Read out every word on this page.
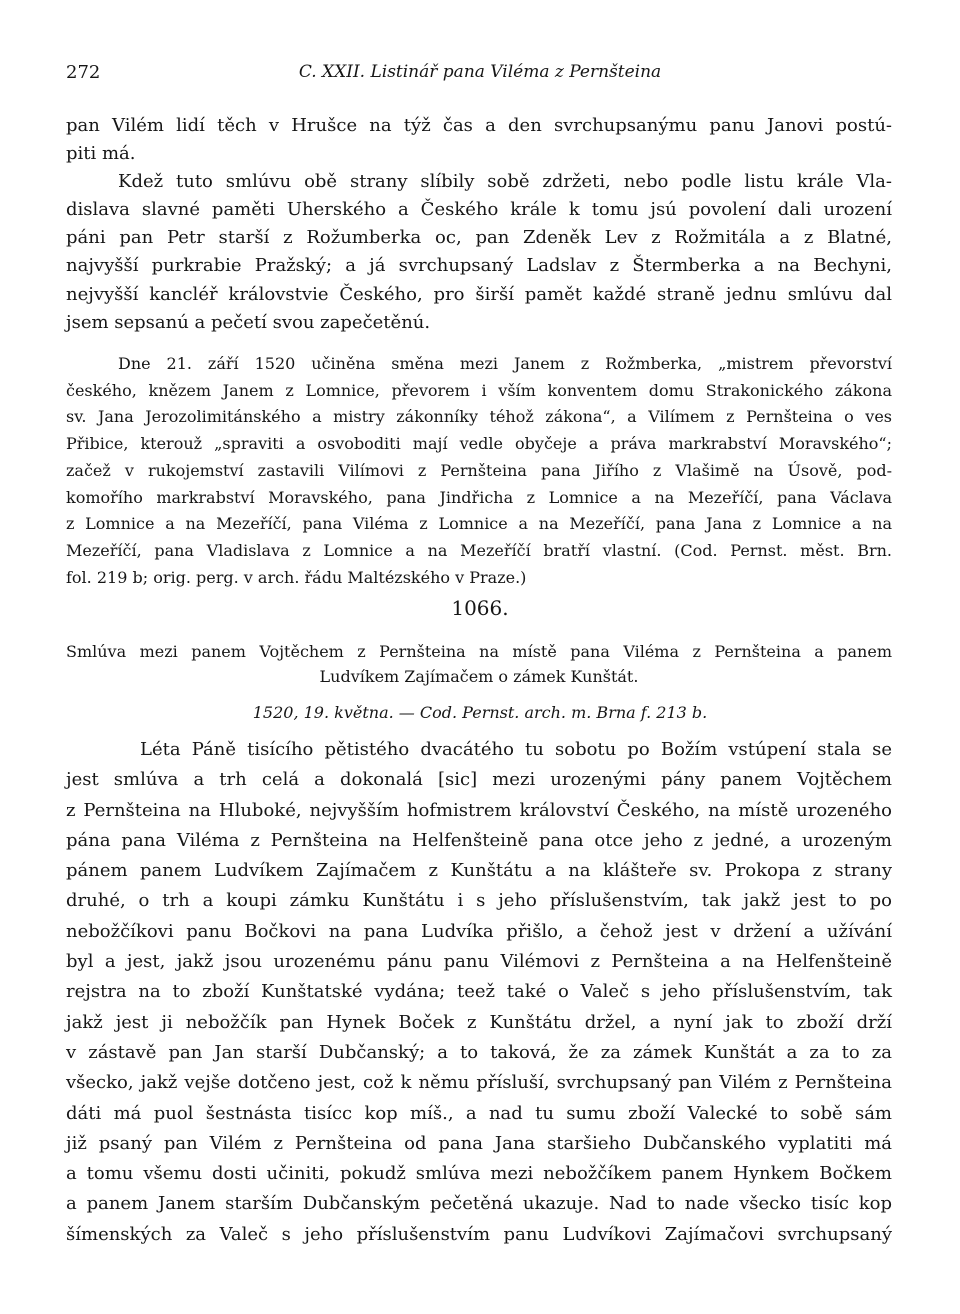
272	C. XXII. Listinář pana Viléma z Pernšteina
pan Vilém lidí těch v Hrušce na týž čas a den svrchupsanýmu panu Janovi postú-
piti má.
Kdež tuto smlúvu obě strany slíbily sobě zdržeti, nebo podle listu krále Vla-
dislava slavné paměti Uherského a Českého krále k tomu jsú povolení dali urození
páni pan Petr starší z Rožumberka oc, pan Zdeněk Lev z Rožmitála a z Blatné,
najvyšší purkrabie Pražský; a já svrchupsaný Ladslav z Štermberka a na Bechyni,
nejvyšší kancléř královstvie Českého, pro širší pamět každé straně jednu smlúvu dal
jsem sepsanú a pečetí svou zapečetěnú.
Dne 21. září 1520 učiněna směna mezi Janem z Rožmberka, „mistrem převorství
českého, knězem Janem z Lomnice, převorem i vším konventem domu Strakonického zákona
sv. Jana Jerozolimitánského a mistry zákonníky téhož zákona“, a Vilímem z Pernšteina o ves
Přibice, kterouž „spraviti a osvoboditi mají vedle obyčeje a práva markrabství Moravského“;
začež v rukojemství zastavili Vilímovi z Pernšteina pana Jiřího z Vlašimě na Úsově, pod-
komořího markrabství Moravského, pana Jindřicha z Lomnice a na Mezeříčí, pana Václava
z Lomnice a na Mezeříčí, pana Viléma z Lomnice a na Mezeříčí, pana Jana z Lomnice a na
Mezeříčí, pana Vladislava z Lomnice a na Mezeříčí bratří vlastní. (Cod. Pernst. měst. Brn.
fol. 219 b; orig. perg. v arch. řádu Maltézského v Praze.)
1066.
Smlúva mezi panem Vojtěchem z Pernšteina na místě pana Viléma z Pernšteina a panem
Ludvíkem Zajímačem o zámek Kunštát.
1520, 19. května. — Cod. Pernst. arch. m. Brna f. 213 b.
Léta Páně tisícího pětistého dvacátého tu sobotu po Božím vstúpení stala se
jest smlúva a trh celá a dokonalá [sic] mezi urozenými pány panem Vojtěchem
z Pernšteina na Hluboké, nejvyšším hofmistrem království Českého, na místě urozeného
pána pana Viléma z Pernšteina na Helfenšteině pana otce jeho z jedné, a urozeným
pánem panem Ludvíkem Zajímačem z Kunštátu a na klášteře sv. Prokopa z strany
druhé, o trh a koupi zámku Kunštátu i s jeho příslušenstvím, tak jakž jest to po
nebožčíkovi panu Bočkovi na pana Ludvíka přišlo, a čehož jest v držení a užívání
byl a jest, jakž jsou urozenému pánu panu Vilémovi z Pernšteina a na Helfenšteině
rejstra na to zboží Kunštatské vydána; teež také o Valeč s jeho příslušenstvím, tak
jakž jest ji nebožčík pan Hynek Boček z Kunštátu držel, a nyní jak to zboží drží
v zástavě pan Jan starší Dubčanský; a to taková, že za zámek Kunštát a za to za
všecko, jakž vejše dotčeno jest, což k němu přísluší, svrchupsaný pan Vilém z Pernšteina
dáti má puol šestnásta tisícc kop míš., a nad tu sumu zboží Valecké to sobě sám
již psaný pan Vilém z Pernšteina od pana Jana staršieho Dubčanského vyplatiti má
a tomu všemu dosti učiniti, pokudž smlúva mezi nebožčíkem panem Hynkem Bočkem
a panem Janem starším Dubčanským pečetěná ukazuje. Nad to nade všecko tisíc kop
šímenských za Valeč s jeho příslušenstvím panu Ludvíkovi Zajímačovi svrchupsaný
